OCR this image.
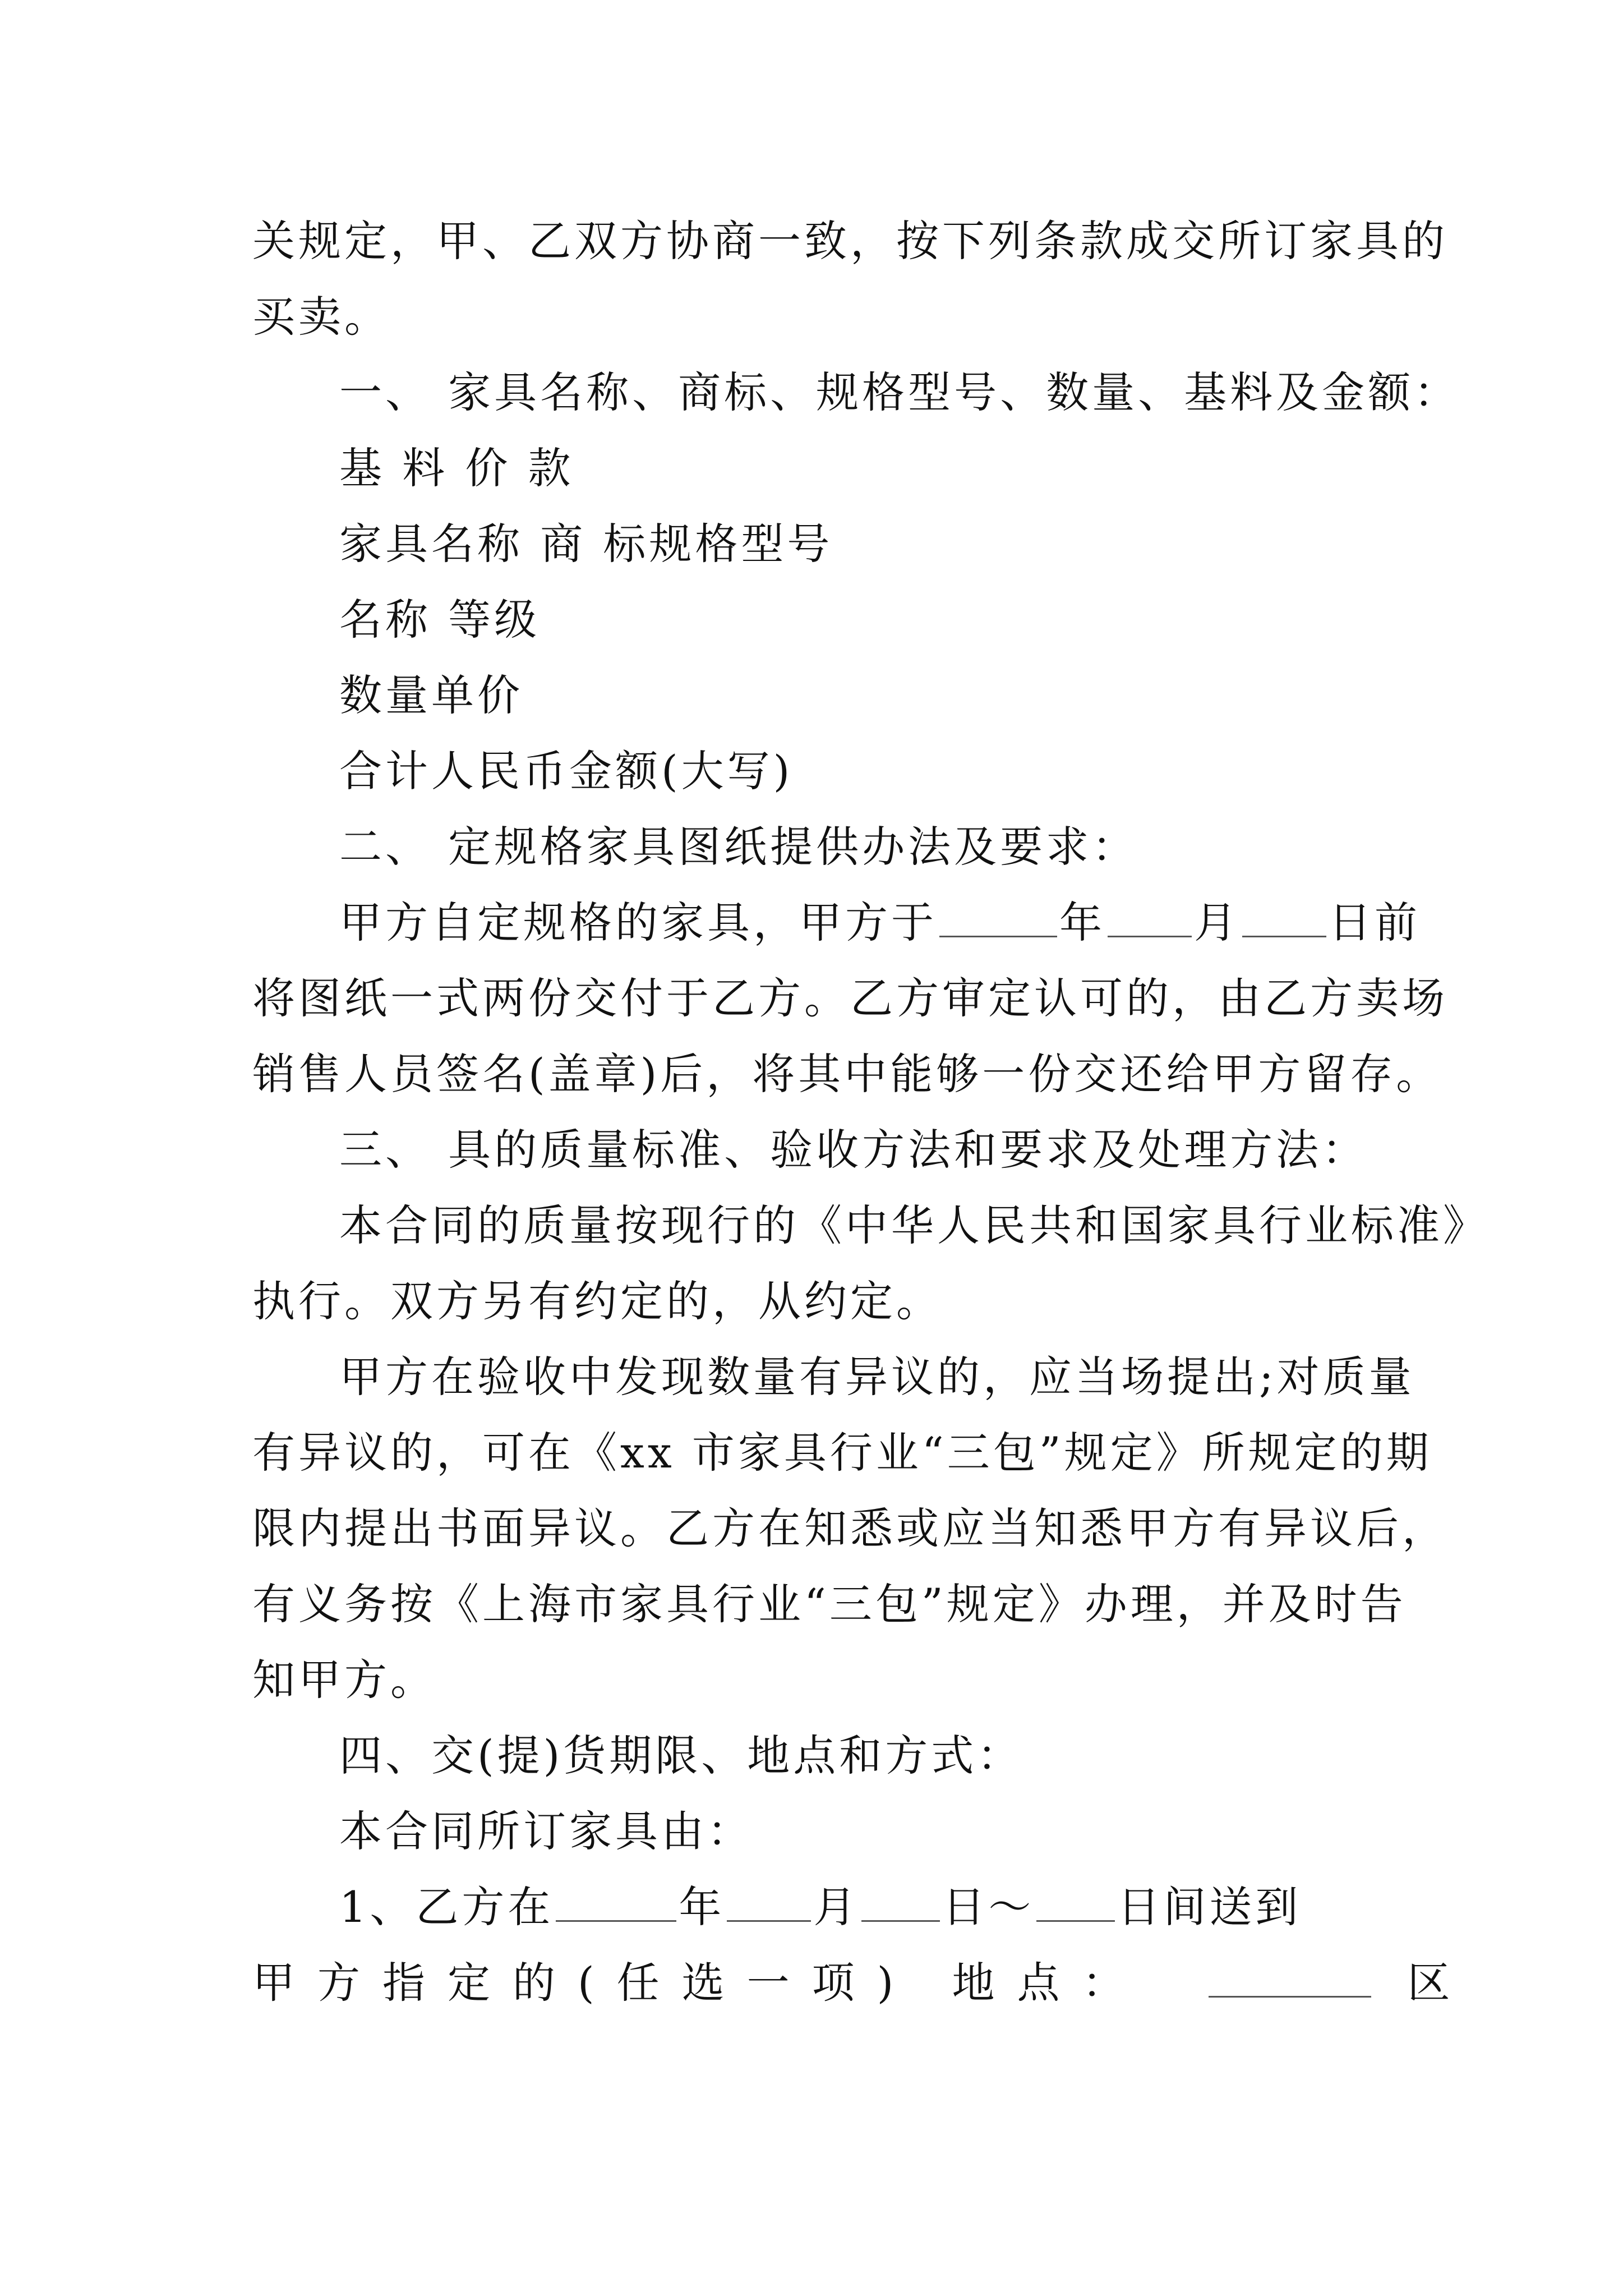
关规定，甲、乙双方协商一致，按下列条款成交所订家具的
买卖。
一、 家具名称、商标、规格型号、数量、基料及金额：
基 料 价 款
家具名称 商 标规格型号
名称 等级
数量单价
合计人民币金额(大写)
二、 定规格家具图纸提供办法及要求：
甲方自定规格的家具，甲方于	年 月 日前
将图纸一式两份交付于乙方。乙方审定认可的，由乙方卖场
销售人员签名(盖章)后，将其中能够一份交还给甲方留存。
三、 具的质量标准、验收方法和要求及处理方法：
本合同的质量按现行的《中华人民共和国家具行业标准》
执行。双方另有约定的，从约定。
甲方在验收中发现数量有异议的，应当场提出;对质量
有异议的，可在《xx 市家具行业“三包”规定》所规定的期
限内提出书面异议。乙方在知悉或应当知悉甲方有异议后，
有义务按《上海市家具行业“三包”规定》办理，并及时告
知甲方。
四、交(提)货期限、地点和方式：
本合同所订家具由：
1、乙方在	年 月 日～ 日间送到
甲方指定的(任选一项) 地点：	区
